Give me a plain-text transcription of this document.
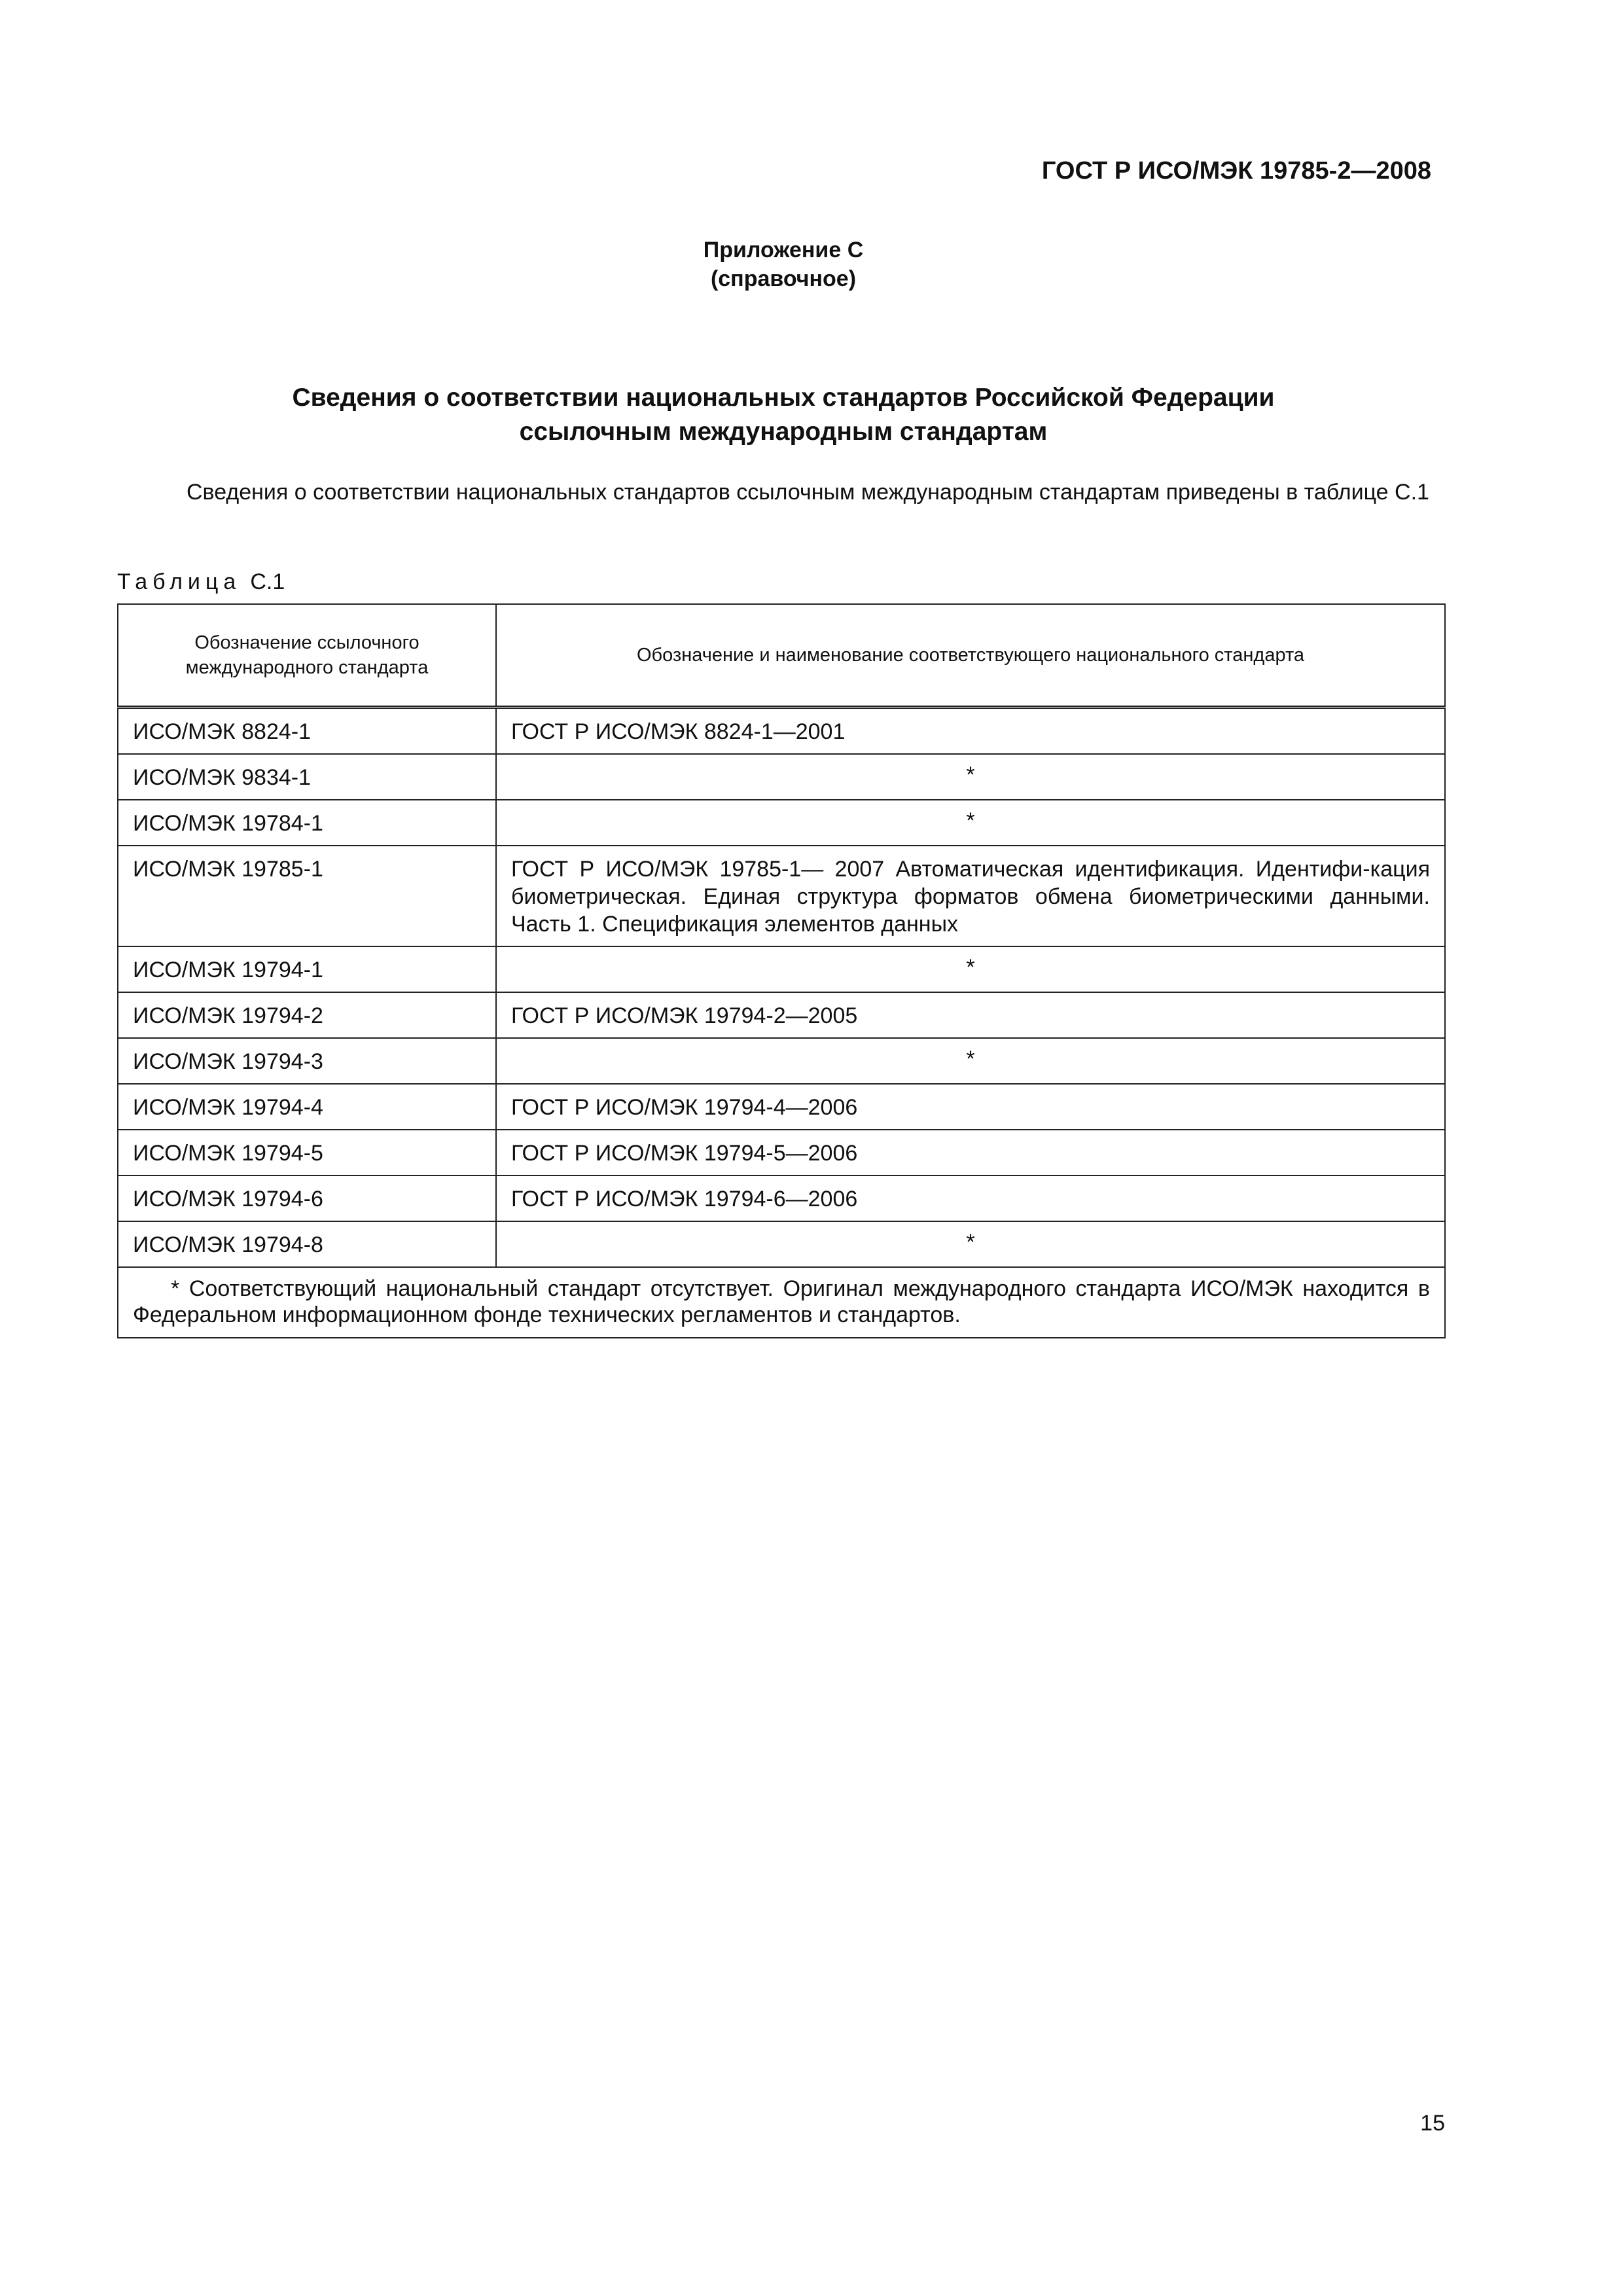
ГОСТ Р ИСО/МЭК 19785-2—2008
Приложение С
(справочное)
Сведения о соответствии национальных стандартов Российской Федерации
ссылочным международным стандартам

Сведения о соответствии национальных стандартов ссылочным международным стандартам приведены в таблице С.1

Таблица С.1
Обозначение ссылочного международного стандарта	Обозначение и наименование соответствующего национального стандарта
ИСО/МЭК 8824-1	ГОСТ Р ИСО/МЭК 8824-1—2001
ИСО/МЭК 9834-1	*
ИСО/МЭК 19784-1	*
ИСО/МЭК 19785-1	ГОСТ Р ИСО/МЭК 19785-1— 2007 Автоматическая идентификация. Идентифи-кация биометрическая. Единая структура форматов обмена биометрическими данными. Часть 1. Спецификация элементов данных
ИСО/МЭК 19794-1	*
ИСО/МЭК 19794-2	ГОСТ Р ИСО/МЭК 19794-2—2005
ИСО/МЭК 19794-3	*
ИСО/МЭК 19794-4	ГОСТ Р ИСО/МЭК 19794-4—2006
ИСО/МЭК 19794-5	ГОСТ Р ИСО/МЭК 19794-5—2006
ИСО/МЭК 19794-6	ГОСТ Р ИСО/МЭК 19794-6—2006
ИСО/МЭК 19794-8	*
* Соответствующий национальный стандарт отсутствует. Оригинал международного стандарта ИСО/МЭК находится в Федеральном информационном фонде технических регламентов и стандартов.	
15
